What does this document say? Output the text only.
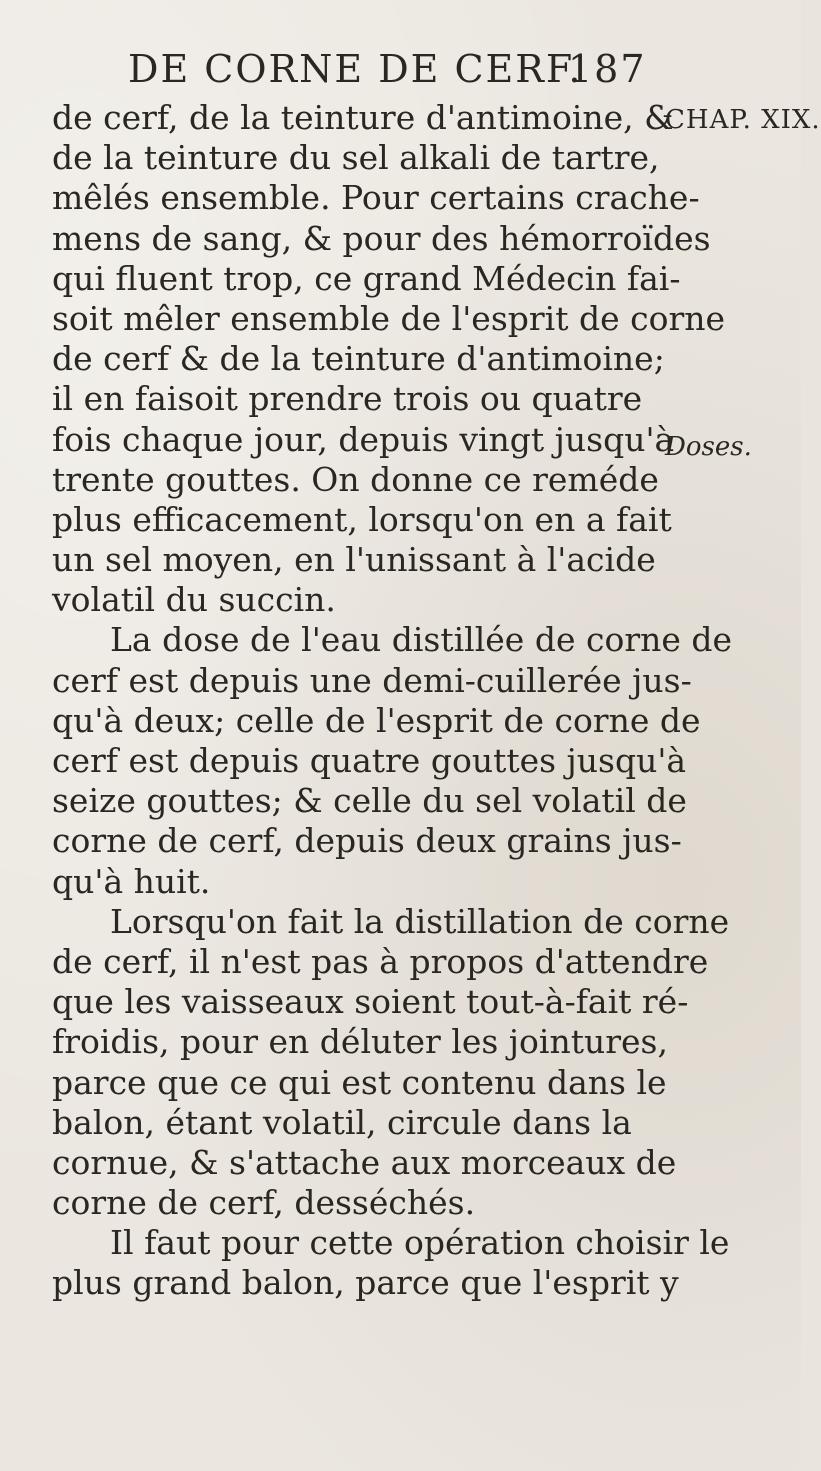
DE CORNE DE CERF.
187
CHAP. XIX.
Doses.
de cerf, de la teinture d'antimoine, &
de la teinture du sel alkali de tartre,
mêlés ensemble. Pour certains crache-
mens de sang, & pour des hémorroïdes
qui fluent trop, ce grand Médecin fai-
soit mêler ensemble de l'esprit de corne
de cerf & de la teinture d'antimoine;
il en faisoit prendre trois ou quatre
fois chaque jour, depuis vingt jusqu'à
trente gouttes. On donne ce reméde
plus efficacement, lorsqu'on en a fait
un sel moyen, en l'unissant à l'acide
volatil du succin.
La dose de l'eau distillée de corne de
cerf est depuis une demi-cuillerée jus-
qu'à deux; celle de l'esprit de corne de
cerf est depuis quatre gouttes jusqu'à
seize gouttes; & celle du sel volatil de
corne de cerf, depuis deux grains jus-
qu'à huit.
Lorsqu'on fait la distillation de corne
de cerf, il n'est pas à propos d'attendre
que les vaisseaux soient tout-à-fait ré-
froidis, pour en déluter les jointures,
parce que ce qui est contenu dans le
balon, étant volatil, circule dans la
cornue, & s'attache aux morceaux de
corne de cerf, desséchés.
Il faut pour cette opération choisir le
plus grand balon, parce que l'esprit y
